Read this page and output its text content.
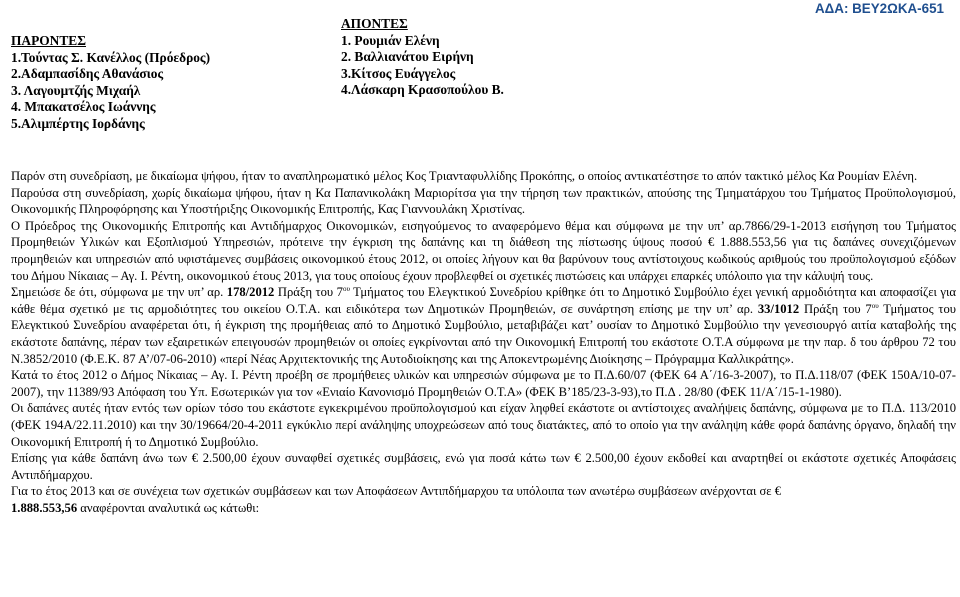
ΑΔΑ: ΒΕΥ2ΩΚΑ-651
ΠΑΡΟΝΤΕΣ
1.Τούντας Σ. Κανέλλος (Πρόεδρος)
2.Αδαμπασίδης Αθανάσιος
3. Λαγουμτζής Μιχαήλ
4. Μπακατσέλος Ιωάννης
5.Αλιμπέρτης Ιορδάνης
ΑΠΟΝΤΕΣ
1. Ρουμιάν Ελένη
2. Βαλλιανάτου Ειρήνη
3.Κίτσος Ευάγγελος
4.Λάσκαρη Κρασοπούλου Β.

Παρόν στη συνεδρίαση, με δικαίωμα ψήφου, ήταν το αναπληρωματικό μέλος Κος Τριανταφυλλίδης Προκόπης, ο οποίος αντικατέστησε το απόν τακτικό μέλος Κα Ρουμίαν Ελένη.

Παρούσα στη συνεδρίαση, χωρίς δικαίωμα ψήφου, ήταν η Κα Παπανικολάκη Μαριορίτσα για την τήρηση των πρακτικών, απούσης της Τμηματάρχου του Τμήματος Προϋπολογισμού, Οικονομικής Πληροφόρησης και Υποστήριξης Οικονομικής Επιτροπής, Κας Γιαννουλάκη Χριστίνας.

Ο Πρόεδρος της Οικονομικής Επιτροπής και Αντιδήμαρχος Οικονομικών, εισηγούμενος το αναφερόμενο θέμα και σύμφωνα με την υπ’ αρ.7866/29-1-2013 εισήγηση του Τμήματος Προμηθειών Υλικών και Εξοπλισμού Υπηρεσιών, πρότεινε την έγκριση της δαπάνης και τη διάθεση της πίστωσης ύψους ποσού € 1.888.553,56 για τις δαπάνες συνεχιζόμενων προμηθειών και υπηρεσιών από υφιστάμενες συμβάσεις οικονομικού έτους 2012, οι οποίες λήγουν και θα βαρύνουν τους αντίστοιχους κωδικούς αριθμούς του προϋπολογισμού εξόδων του Δήμου Νίκαιας – Αγ. Ι. Ρέντη, οικονομικού έτους 2013, για τους οποίους έχουν προβλεφθεί οι σχετικές πιστώσεις και υπάρχει επαρκές υπόλοιπο για την κάλυψή τους.

Σημειώσε δε ότι, σύμφωνα με την υπ’ αρ. 178/2012 Πράξη του $7^{o\upsilon}$ Τμήματος του Ελεγκτικού Συνεδρίου κρίθηκε ότι το Δημοτικό Συμβούλιο έχει γενική αρμοδιότητα και αποφασίζει για κάθε θέμα σχετικό με τις αρμοδιότητες του οικείου Ο.Τ.Α. και ειδικότερα των Δημοτικών Προμηθειών, σε συνάρτηση επίσης με την υπ’ αρ. 33/1012 Πράξη του $7^{o\upsilon}$ Τμήματος του Ελεγκτικού Συνεδρίου αναφέρεται ότι, ή έγκριση της προμήθειας από το Δημοτικό Συμβούλιο, μεταβιβάζει κατ’ ουσίαν το Δημοτικό Συμβούλιο την γενεσιουργό αιτία καταβολής της εκάστοτε δαπάνης, πέραν των εξαιρετικών επειγουσών προμηθειών οι οποίες εγκρίνονται από την Οικονομική Επιτροπή του εκάστοτε Ο.Τ.Α σύμφωνα με την παρ. δ του άρθρου 72 του Ν.3852/2010 (Φ.Ε.Κ. 87 Α’/07-06-2010) «περί Νέας Αρχιτεκτονικής της Αυτοδιοίκησης και της Αποκεντρωμένης Διοίκησης – Πρόγραμμα Καλλικράτης».

Κατά το έτος 2012 ο Δήμος Νίκαιας – Αγ. Ι. Ρέντη προέβη σε προμήθειες υλικών και υπηρεσιών σύμφωνα με το Π.Δ.60/07 (ΦΕΚ 64 Α΄/16-3-2007), το Π.Δ.118/07 (ΦΕΚ 150Α/10-07-2007), την 11389/93 Απόφαση του Υπ. Εσωτερικών για τον «Ενιαίο Κανονισμό Προμηθειών Ο.Τ.Α» (ΦΕΚ Β’185/23-3-93),το Π.Δ . 28/80 (ΦΕΚ 11/Α΄/15-1-1980).

Οι δαπάνες αυτές ήταν εντός των ορίων τόσο του εκάστοτε εγκεκριμένου προϋπολογισμού και είχαν ληφθεί εκάστοτε οι αντίστοιχες αναλήψεις δαπάνης, σύμφωνα με το Π.Δ. 113/2010 (ΦΕΚ 194Α/22.11.2010) και την 30/19664/20-4-2011 εγκύκλιο περί ανάληψης υποχρεώσεων από τους διατάκτες, από το οποίο για την ανάληψη κάθε φορά δαπάνης όργανο, δηλαδή την Οικονομική Επιτροπή ή το Δημοτικό Συμβούλιο.

Επίσης για κάθε δαπάνη άνω των € 2.500,00 έχουν συναφθεί σχετικές συμβάσεις, ενώ για ποσά κάτω των € 2.500,00 έχουν εκδοθεί και αναρτηθεί οι εκάστοτε σχετικές Αποφάσεις Αντιπδήμαρχου.

Για το έτος 2013 και σε συνέχεια των σχετικών συμβάσεων και των Αποφάσεων Αντιπδήμαρχου τα υπόλοιπα των ανωτέρω συμβάσεων ανέρχονται σε €

1.888.553,56 αναφέρονται αναλυτικά ως κάτωθι:
